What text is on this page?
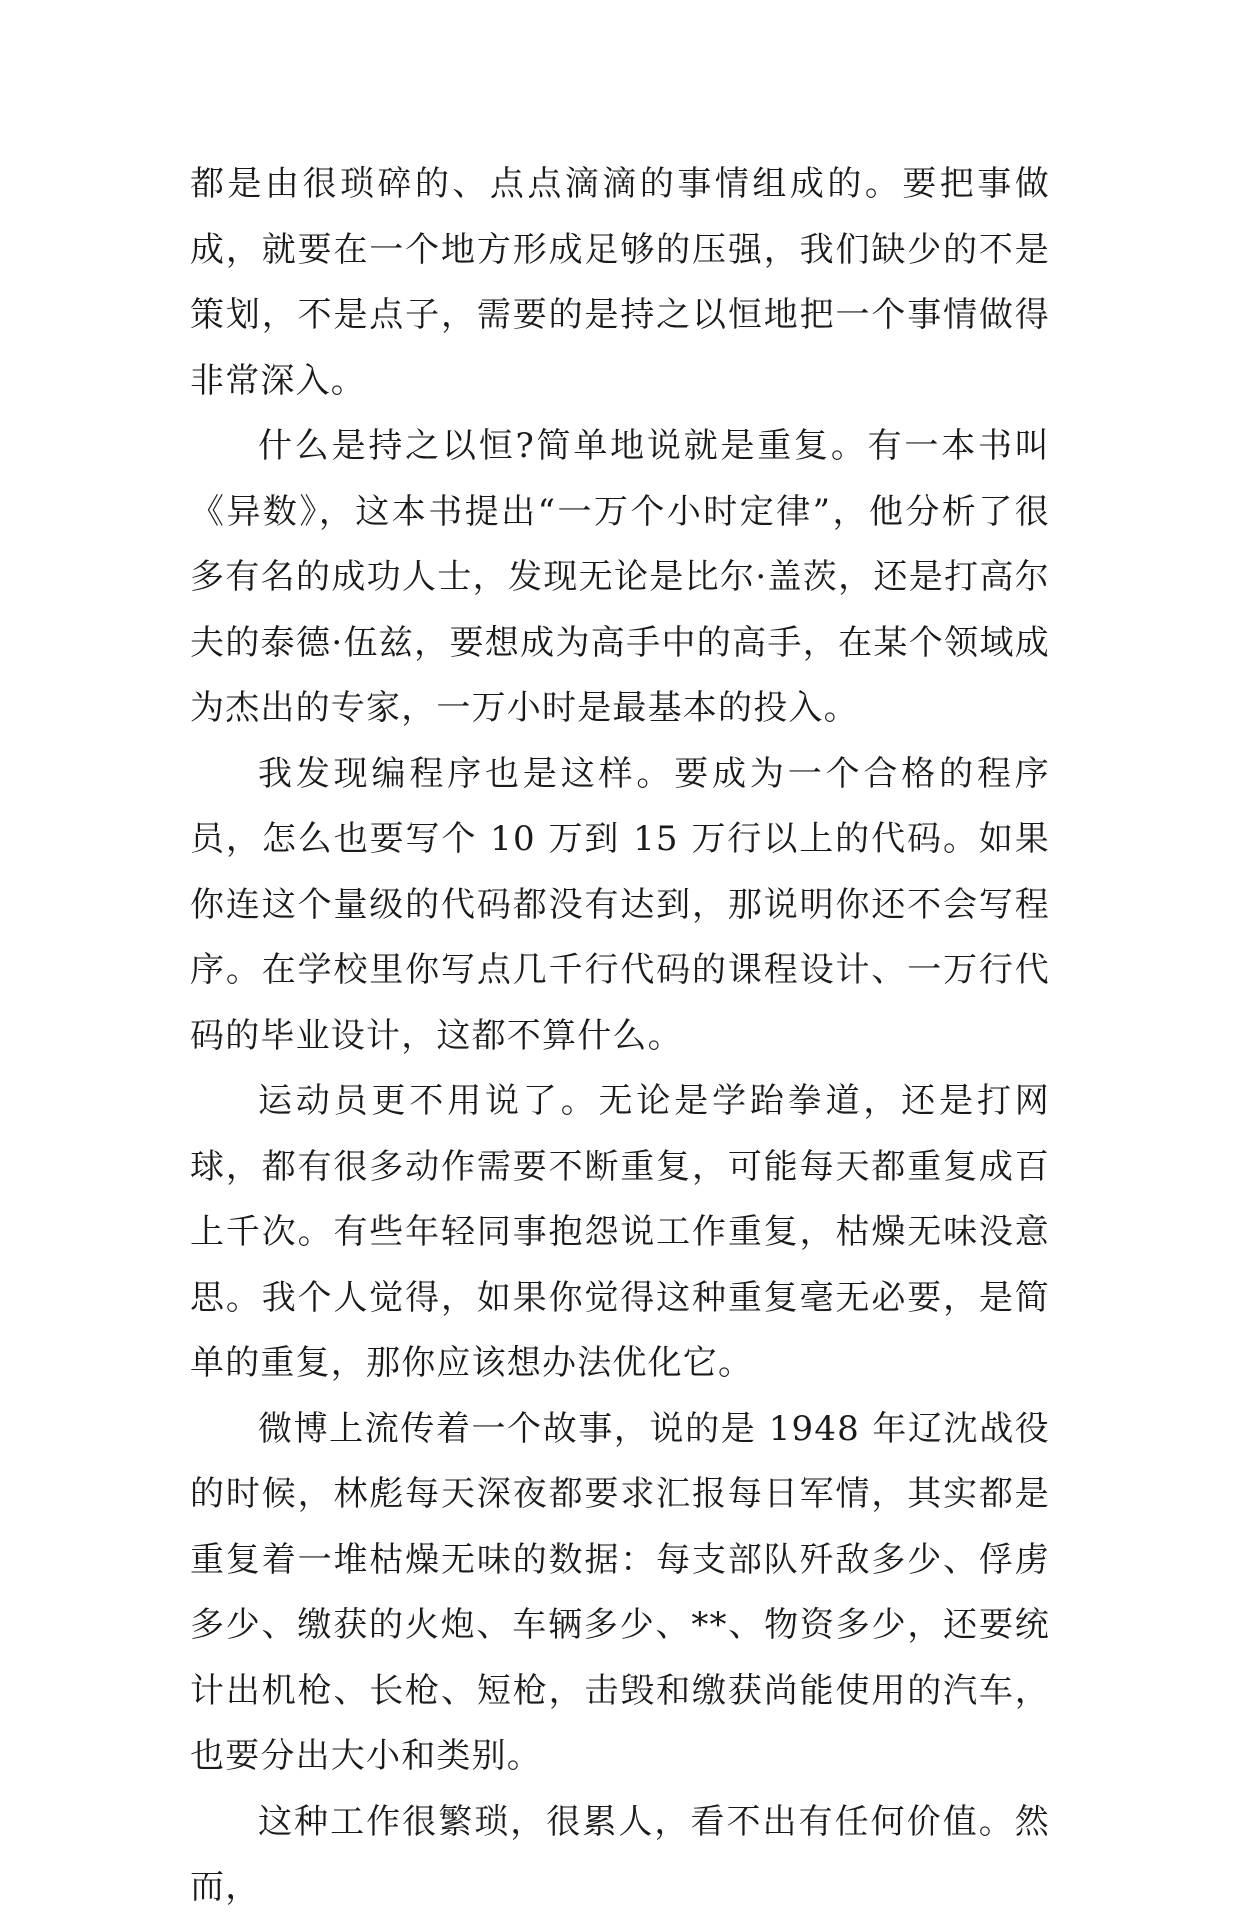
都是由很琐碎的、点点滴滴的事情组成的。要把事做成，就要在一个地方形成足够的压强，我们缺少的不是策划，不是点子，需要的是持之以恒地把一个事情做得非常深入。

什么是持之以恒?简单地说就是重复。有一本书叫《异数》，这本书提出“一万个小时定律”，他分析了很多有名的成功人士，发现无论是比尔·盖茨，还是打高尔夫的泰德·伍兹，要想成为高手中的高手，在某个领域成为杰出的专家，一万小时是最基本的投入。

我发现编程序也是这样。要成为一个合格的程序员，怎么也要写个 10 万到 15 万行以上的代码。如果你连这个量级的代码都没有达到，那说明你还不会写程序。在学校里你写点几千行代码的课程设计、一万行代码的毕业设计，这都不算什么。

运动员更不用说了。无论是学跆拳道，还是打网球，都有很多动作需要不断重复，可能每天都重复成百上千次。有些年轻同事抱怨说工作重复，枯燥无味没意思。我个人觉得，如果你觉得这种重复毫无必要，是简单的重复，那你应该想办法优化它。

微博上流传着一个故事，说的是 1948 年辽沈战役的时候，林彪每天深夜都要求汇报每日军情，其实都是重复着一堆枯燥无味的数据：每支部队歼敌多少、俘虏多少、缴获的火炮、车辆多少、**、物资多少，还要统计出机枪、长枪、短枪，击毁和缴获尚能使用的汽车，也要分出大小和类别。

这种工作很繁琐，很累人，看不出有任何价值。然而，
